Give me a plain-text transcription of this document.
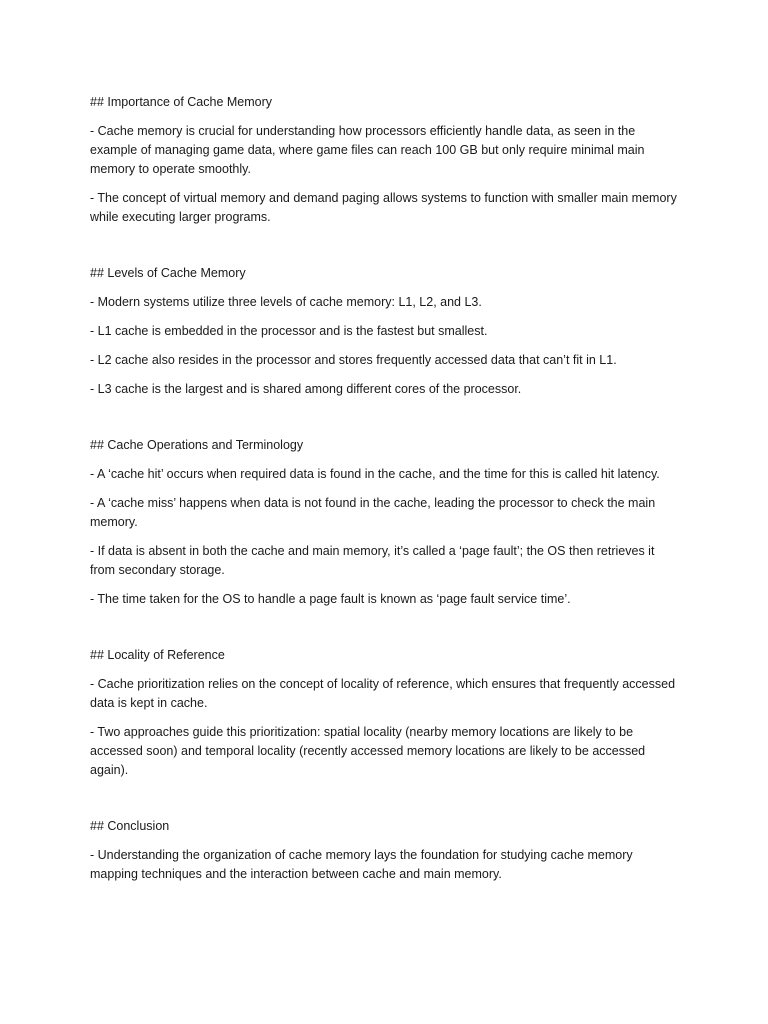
## Importance of Cache Memory

- Cache memory is crucial for understanding how processors efficiently handle data, as seen in the example of managing game data, where game files can reach 100 GB but only require minimal main memory to operate smoothly.

- The concept of virtual memory and demand paging allows systems to function with smaller main memory while executing larger programs.

## Levels of Cache Memory

- Modern systems utilize three levels of cache memory: L1, L2, and L3.

- L1 cache is embedded in the processor and is the fastest but smallest.

- L2 cache also resides in the processor and stores frequently accessed data that can’t fit in L1.

- L3 cache is the largest and is shared among different cores of the processor.

## Cache Operations and Terminology

- A ‘cache hit’ occurs when required data is found in the cache, and the time for this is called hit latency.

- A ‘cache miss’ happens when data is not found in the cache, leading the processor to check the main memory.

- If data is absent in both the cache and main memory, it’s called a ‘page fault’; the OS then retrieves it from secondary storage.

- The time taken for the OS to handle a page fault is known as ‘page fault service time’.

## Locality of Reference

- Cache prioritization relies on the concept of locality of reference, which ensures that frequently accessed data is kept in cache.

- Two approaches guide this prioritization: spatial locality (nearby memory locations are likely to be accessed soon) and temporal locality (recently accessed memory locations are likely to be accessed again).

## Conclusion

- Understanding the organization of cache memory lays the foundation for studying cache memory mapping techniques and the interaction between cache and main memory.
